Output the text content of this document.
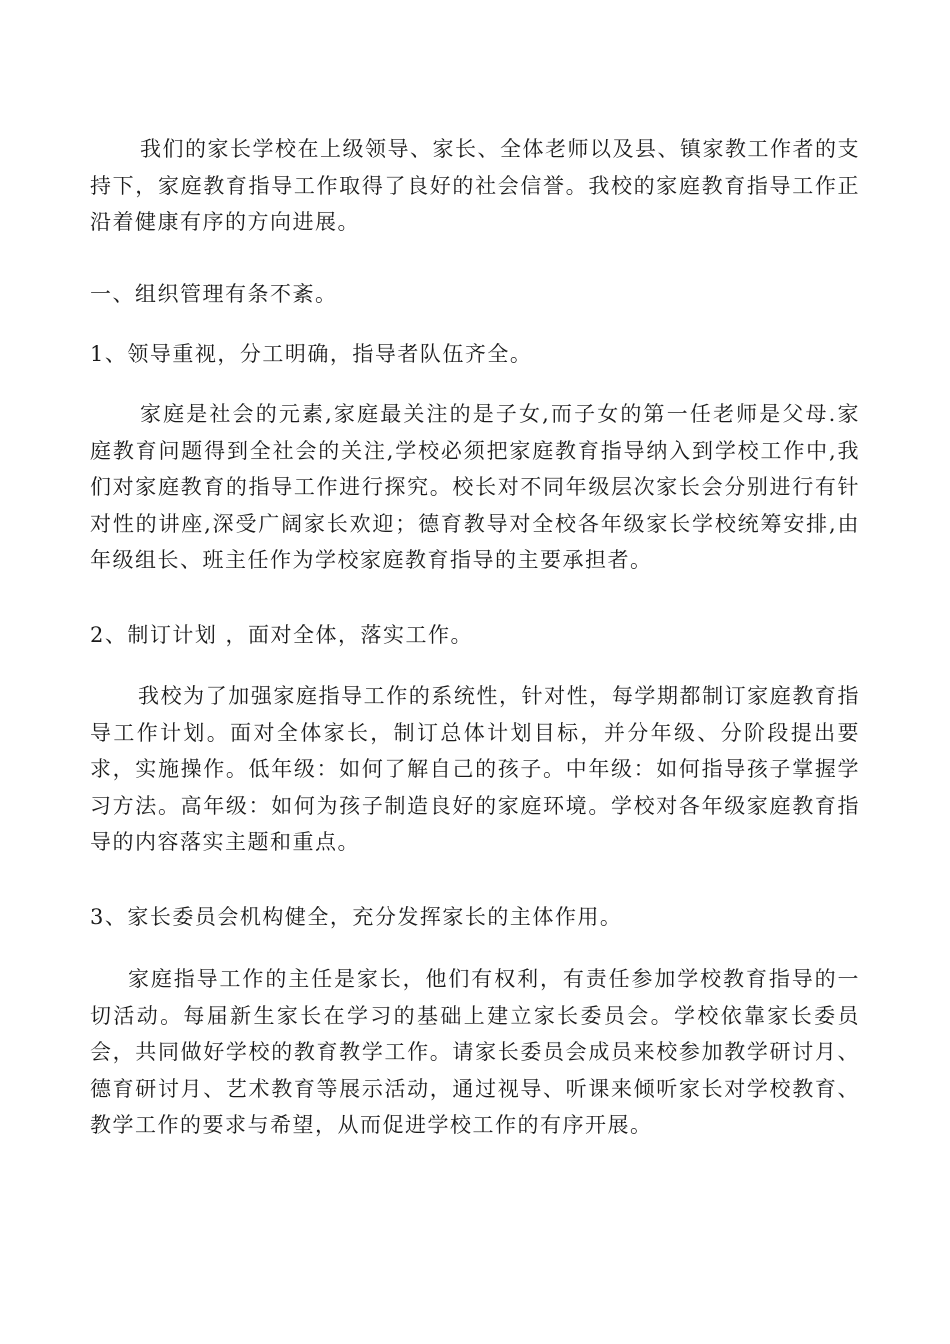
我们的家长学校在上级领导、家长、全体老师以及县、镇家教工作者的支持下，家庭教育指导工作取得了良好的社会信誉。我校的家庭教育指导工作正沿着健康有序的方向进展。

一、组织管理有条不紊。

1、领导重视，分工明确，指导者队伍齐全。

家庭是社会的元素,家庭最关注的是子女,而子女的第一任老师是父母.家庭教育问题得到全社会的关注,学校必须把家庭教育指导纳入到学校工作中,我们对家庭教育的指导工作进行探究。校长对不同年级层次家长会分别进行有针对性的讲座,深受广阔家长欢迎；德育教导对全校各年级家长学校统筹安排,由年级组长、班主任作为学校家庭教育指导的主要承担者。

2、制订计划 ，面对全体，落实工作。

我校为了加强家庭指导工作的系统性，针对性，每学期都制订家庭教育指导工作计划。面对全体家长，制订总体计划目标，并分年级、分阶段提出要求，实施操作。低年级：如何了解自己的孩子。中年级：如何指导孩子掌握学习方法。高年级：如何为孩子制造良好的家庭环境。学校对各年级家庭教育指导的内容落实主题和重点。

3、家长委员会机构健全，充分发挥家长的主体作用。

家庭指导工作的主任是家长，他们有权利，有责任参加学校教育指导的一切活动。每届新生家长在学习的基础上建立家长委员会。学校依靠家长委员会，共同做好学校的教育教学工作。请家长委员会成员来校参加教学研讨月、德育研讨月、艺术教育等展示活动，通过视导、听课来倾听家长对学校教育、教学工作的要求与希望，从而促进学校工作的有序开展。
